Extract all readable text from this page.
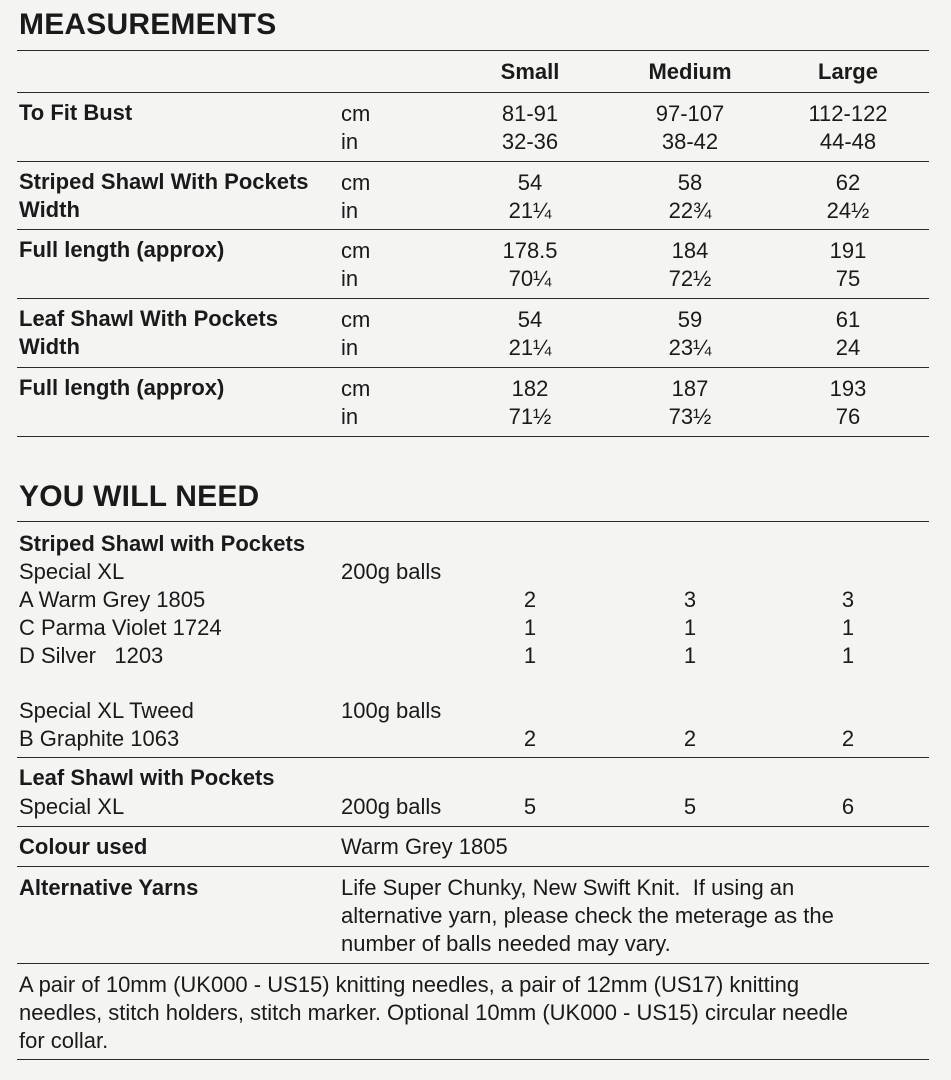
MEASUREMENTS
Small	Medium	Large
To Fit Bust	cm	81-91	97-107	112-122
in	32-36	38-42	44-48
Striped Shawl With Pockets
Width
cm	54	58	62
in	21¼	22¾	24½
Full length (approx)	cm	178.5	184	191
in	70¼	72½	75
Leaf Shawl With Pockets
Width
cm	54	59	61
in	21¼	23¼	24
Full length (approx)	cm	182	187	193
in	71½	73½	76
YOU WILL NEED
Striped Shawl with Pockets
Special XL	200g balls
A Warm Grey 1805	2	3	3
C Parma Violet 1724	1	1	1
D Silver   1203	1	1	1
Special XL Tweed	100g balls
B Graphite 1063	2	2	2
Leaf Shawl with Pockets
Special XL	200g balls	5	5	6
Colour used	Warm Grey 1805
Alternative Yarns	Life Super Chunky, New Swift Knit.  If using an
alternative yarn, please check the meterage as the
number of balls needed may vary.
A pair of 10mm (UK000 - US15) knitting needles, a pair of 12mm (US17) knitting
needles, stitch holders, stitch marker. Optional 10mm (UK000 - US15) circular needle
for collar.
